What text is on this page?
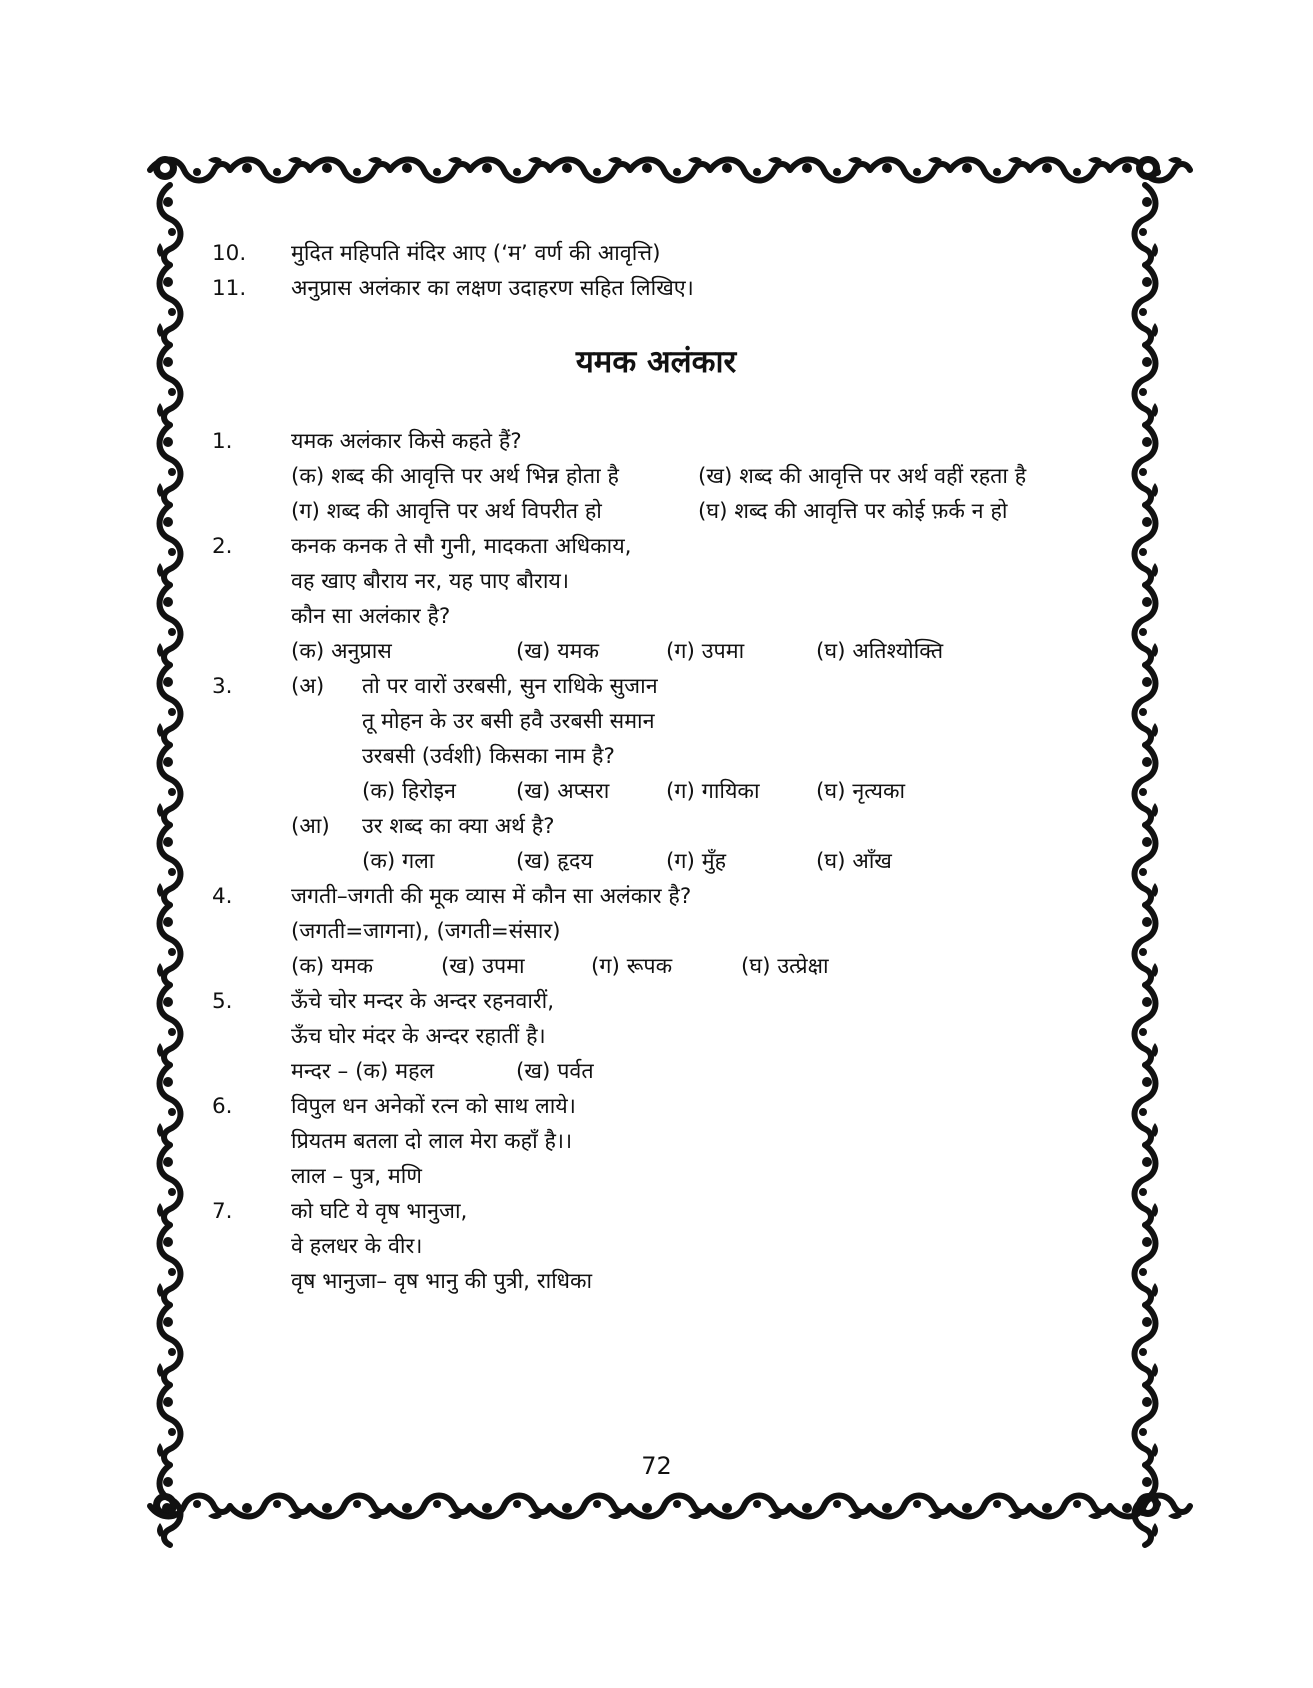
10. मुदित महिपति मंदिर आए (‘म’ वर्ण की आवृत्ति)
11. अनुप्रास अलंकार का लक्षण उदाहरण सहित लिखिए।
यमक अलंकार
1.	यमक अलंकार किसे कहते हैं?
(क) शब्द की आवृत्ति पर अर्थ भिन्न होता है	(ख) शब्द की आवृत्ति पर अर्थ वहीं रहता है
(ग) शब्द की आवृत्ति पर अर्थ विपरीत हो	(घ) शब्द की आवृत्ति पर कोई फ़र्क न हो
2.	कनक कनक ते सौ गुनी, मादकता अधिकाय,
वह खाए बौराय नर, यह पाए बौराय।
कौन सा अलंकार है?
(क) अनुप्रास	(ख) यमक	(ग) उपमा	(घ) अतिश्योक्ति
3.	(अ) तो पर वारों उरबसी, सुन राधिके सुजान
तू मोहन के उर बसी हवै उरबसी समान
उरबसी (उर्वशी) किसका नाम है?
(क) हिरोइन	(ख) अप्सरा	(ग) गायिका	(घ) नृत्यका
(आ) उर शब्द का क्या अर्थ है?
(क) गला	(ख) हृदय	(ग) मुँह	(घ) आँख
4.	जगती–जगती की मूक व्यास में कौन सा अलंकार है?
(जगती=जागना), (जगती=संसार)
(क) यमक	(ख) उपमा	(ग) रूपक	(घ) उत्प्रेक्षा
5.	ऊँचे चोर मन्दर के अन्दर रहनवारीं,
ऊँच घोर मंदर के अन्दर रहातीं है।
मन्दर – (क) महल	(ख) पर्वत
6.	विपुल धन अनेकों रत्न को साथ लाये।
प्रियतम बतला दो लाल मेरा कहाँ है।।
लाल – पुत्र, मणि
7.	को घटि ये वृष भानुजा,
वे हलधर के वीर।
वृष भानुजा– वृष भानु की पुत्री, राधिका
72
